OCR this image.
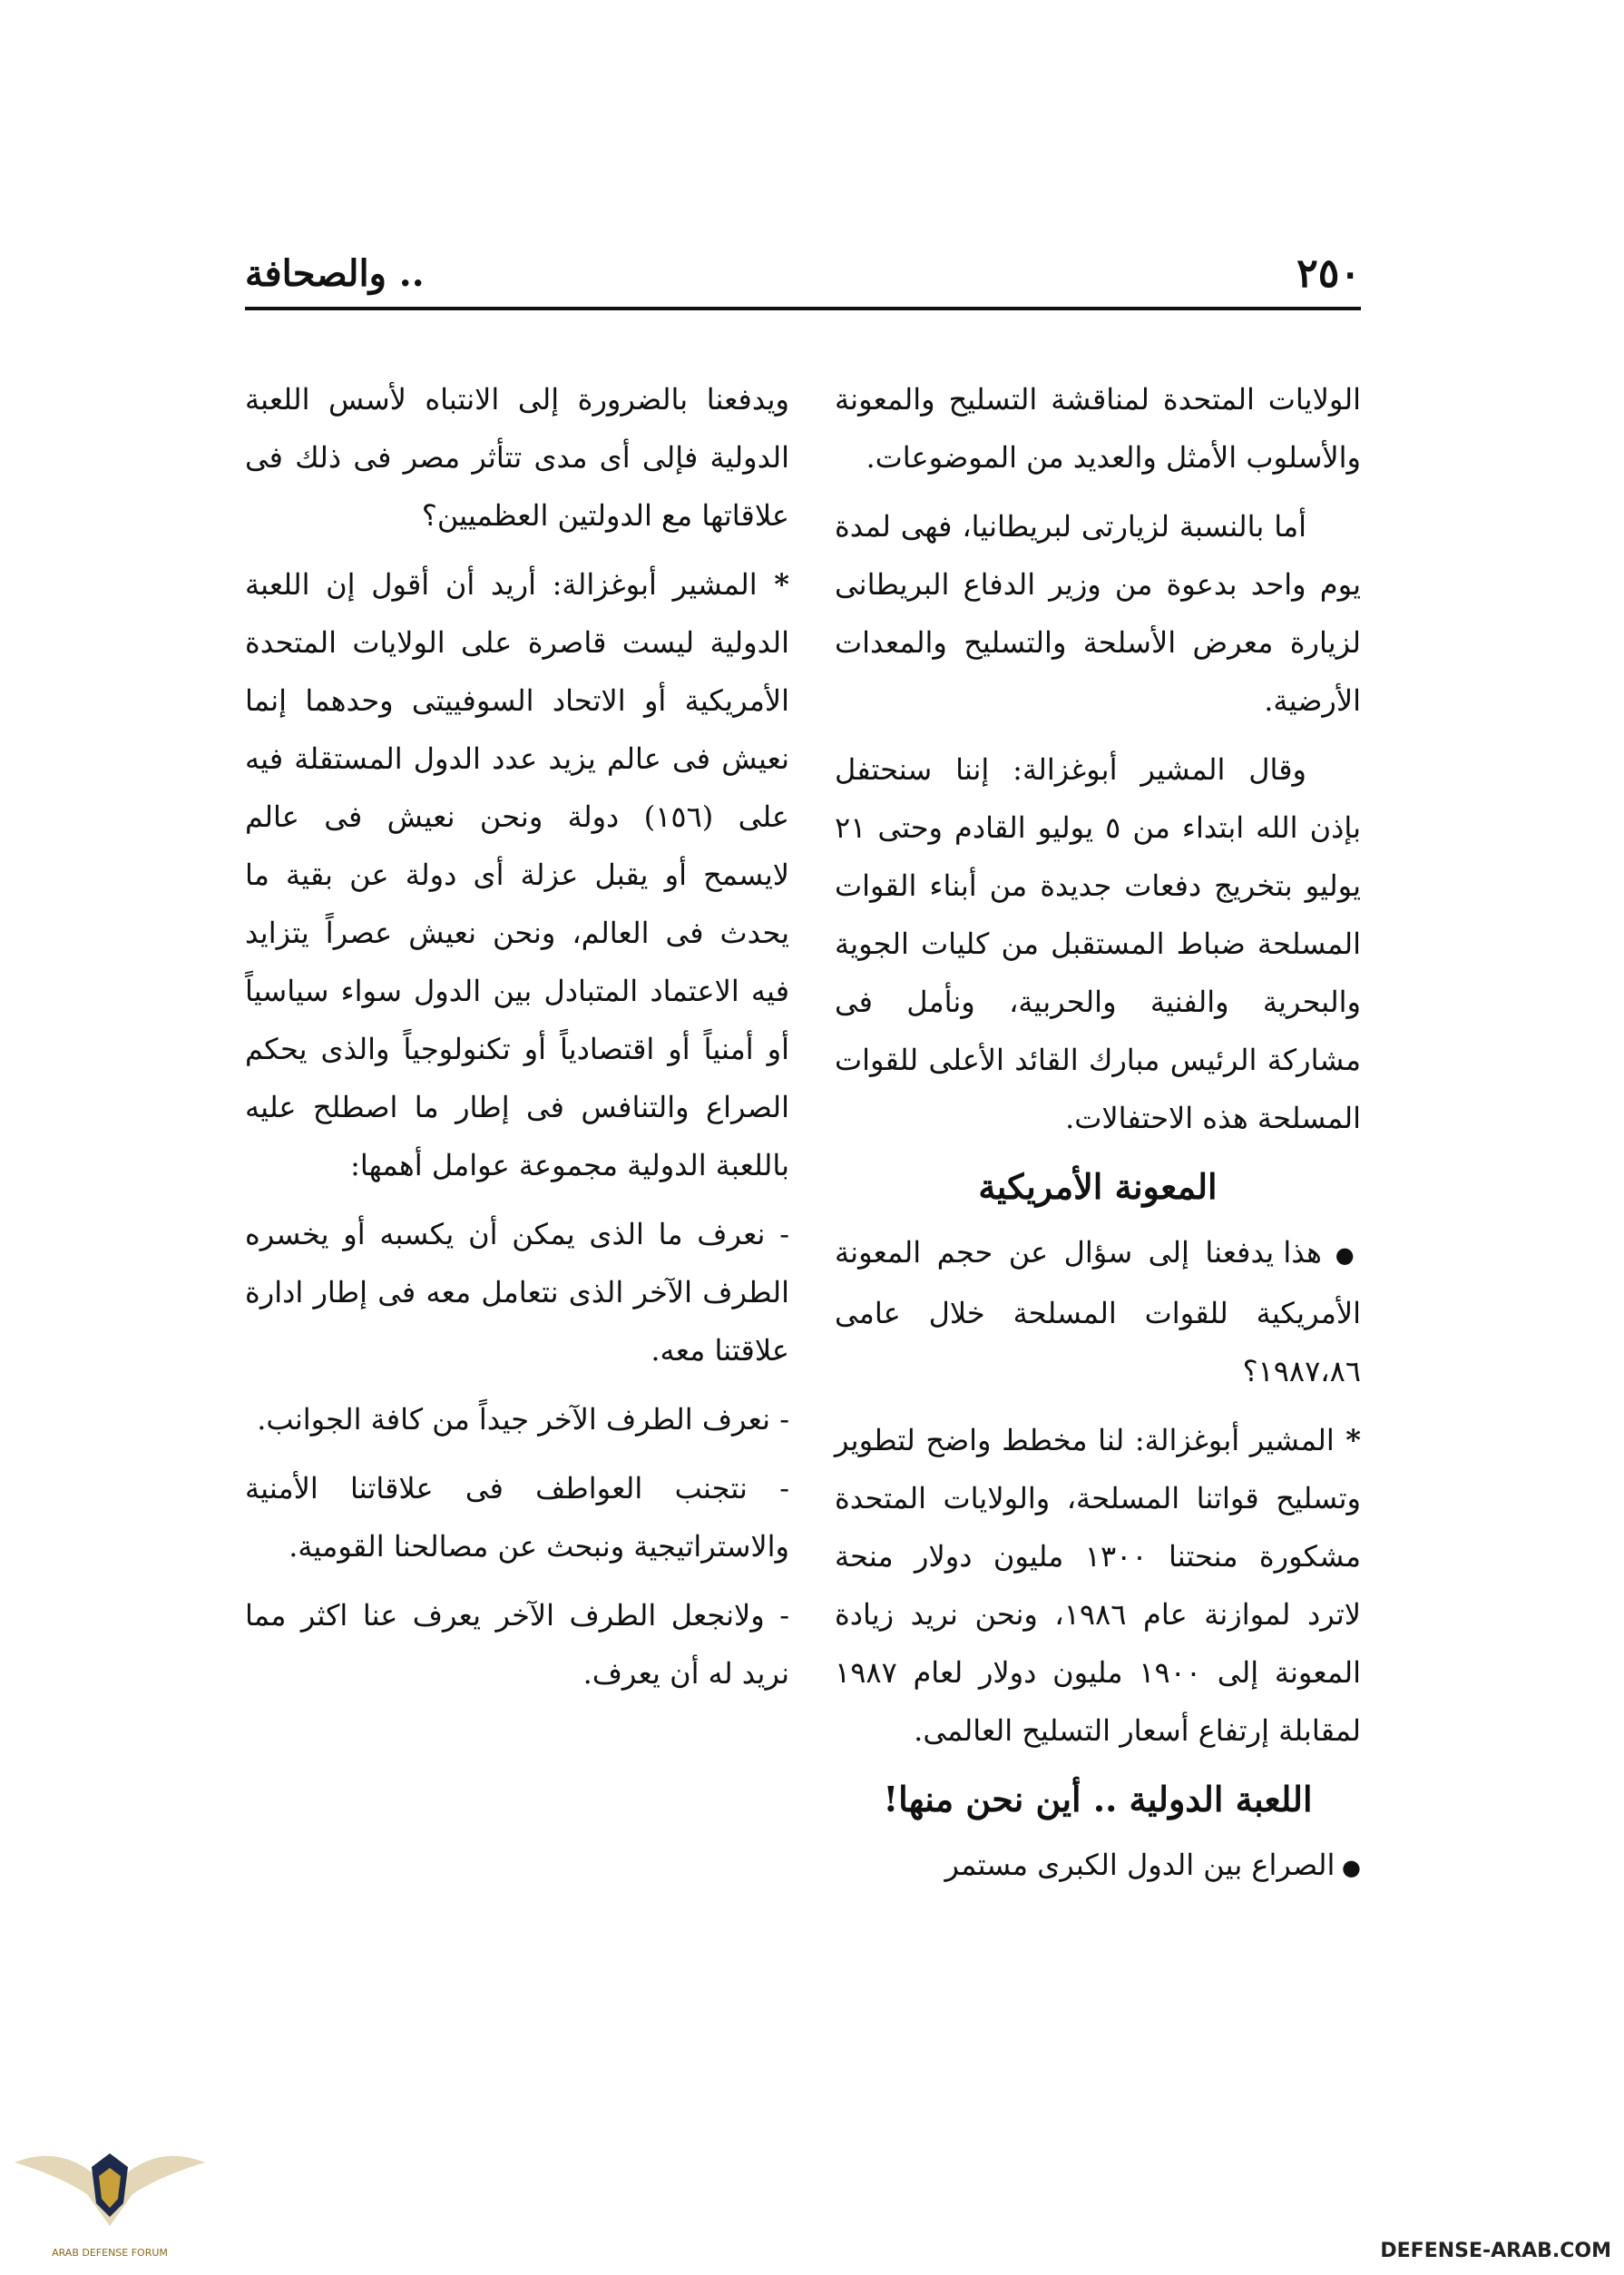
٢٥٠
.. والصحافة

الولايات المتحدة لمناقشة التسليح والمعونة والأسلوب الأمثل والعديد من الموضوعات.

أما بالنسبة لزيارتى لبريطانيا، فهى لمدة يوم واحد بدعوة من وزير الدفاع البريطانى لزيارة معرض الأسلحة والتسليح والمعدات الأرضية.

وقال المشير أبوغزالة: إننا سنحتفل بإذن الله ابتداء من ٥ يوليو القادم وحتى ٢١ يوليو بتخريج دفعات جديدة من أبناء القوات المسلحة ضباط المستقبل من كليات الجوية والبحرية والفنية والحربية، ونأمل فى مشاركة الرئيس مبارك القائد الأعلى للقوات المسلحة هذه الاحتفالات.

المعونة الأمريكية

● هذا يدفعنا إلى سؤال عن حجم المعونة الأمريكية للقوات المسلحة خلال عامى ١٩٨٧،٨٦؟

* المشير أبوغزالة: لنا مخطط واضح لتطوير وتسليح قواتنا المسلحة، والولايات المتحدة مشكورة منحتنا ١٣٠٠ مليون دولار منحة لاترد لموازنة عام ١٩٨٦، ونحن نريد زيادة المعونة إلى ١٩٠٠ مليون دولار لعام ١٩٨٧ لمقابلة إرتفاع أسعار التسليح العالمى.

اللعبة الدولية .. أين نحن منها!

● الصراع بين الدول الكبرى مستمر

ويدفعنا بالضرورة إلى الانتباه لأسس اللعبة الدولية فإلى أى مدى تتأثر مصر فى ذلك فى علاقاتها مع الدولتين العظميين؟

* المشير أبوغزالة: أريد أن أقول إن اللعبة الدولية ليست قاصرة على الولايات المتحدة الأمريكية أو الاتحاد السوفييتى وحدهما إنما نعيش فى عالم يزيد عدد الدول المستقلة فيه على (١٥٦) دولة ونحن نعيش فى عالم لايسمح أو يقبل عزلة أى دولة عن بقية ما يحدث فى العالم، ونحن نعيش عصراً يتزايد فيه الاعتماد المتبادل بين الدول سواء سياسياً أو أمنياً أو اقتصادياً أو تكنولوجياً والذى يحكم الصراع والتنافس فى إطار ما اصطلح عليه باللعبة الدولية مجموعة عوامل أهمها:

- نعرف ما الذى يمكن أن يكسبه أو يخسره الطرف الآخر الذى نتعامل معه فى إطار ادارة علاقتنا معه.

- نعرف الطرف الآخر جيداً من كافة الجوانب.

- نتجنب العواطف فى علاقاتنا الأمنية والاستراتيجية ونبحث عن مصالحنا القومية.

- ولانجعل الطرف الآخر يعرف عنا اكثر مما نريد له أن يعرف.

ARAB DEFENSE FORUM	DEFENSE-ARAB.COM
